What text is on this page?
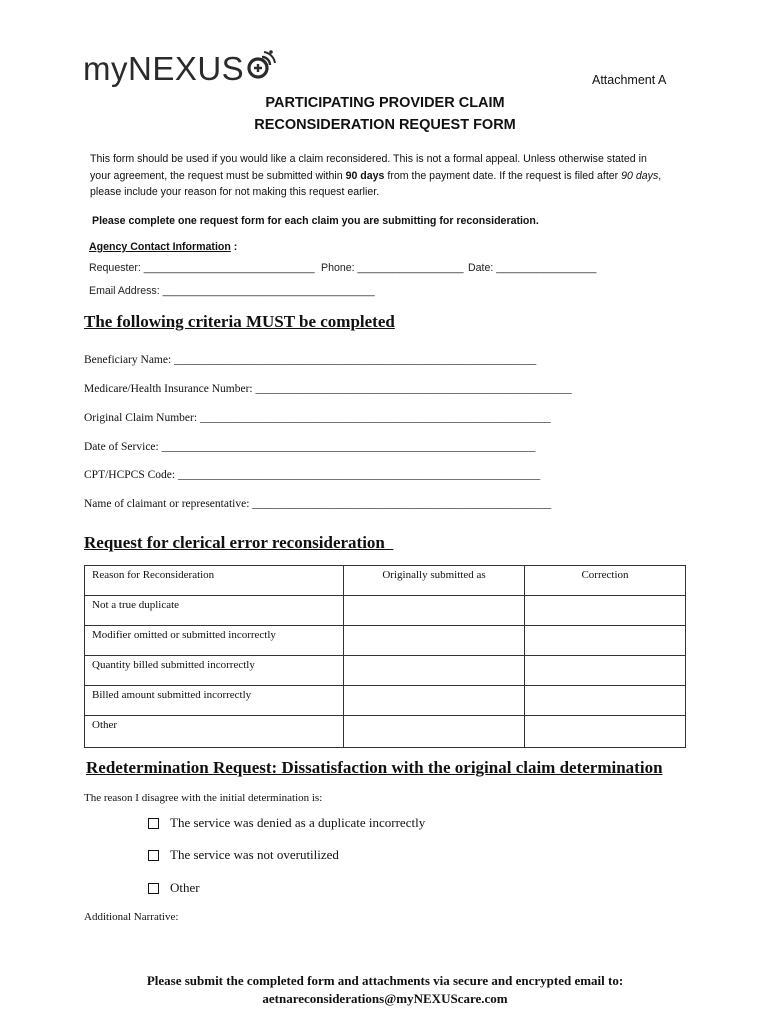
myNEXUS	Attachment A
PARTICIPATING PROVIDER CLAIM
RECONSIDERATION REQUEST FORM
This form should be used if you would like a claim reconsidered. This is not a formal appeal. Unless otherwise stated in your agreement, the request must be submitted within 90 days from the payment date. If the request is filed after 90 days, please include your reason for not making this request earlier.
Please complete one request form for each claim you are submitting for reconsideration.
Agency Contact Information :
Requester: _____________________________ Phone: __________________ Date: _________________
Email Address: ____________________________________
The following criteria MUST be completed
Beneficiary Name: _______________________________________________________________
Medicare/Health Insurance Number: _______________________________________________________
Original Claim Number: _____________________________________________________________
Date of Service: _________________________________________________________________
CPT/HCPCS Code: _______________________________________________________________
Name of claimant or representative: ____________________________________________________
Request for clerical error reconsideration
Reason for Reconsideration	Originally submitted as	Correction
Not a true duplicate		
Modifier omitted or submitted incorrectly		
Quantity billed submitted incorrectly		
Billed amount submitted incorrectly		
Other		
Redetermination Request: Dissatisfaction with the original claim determination
The reason I disagree with the initial determination is:
The service was denied as a duplicate incorrectly
The service was not overutilized
Other
Additional Narrative:
Please submit the completed form and attachments via secure and encrypted email to:
aetnareconsiderations@myNEXUScare.com
